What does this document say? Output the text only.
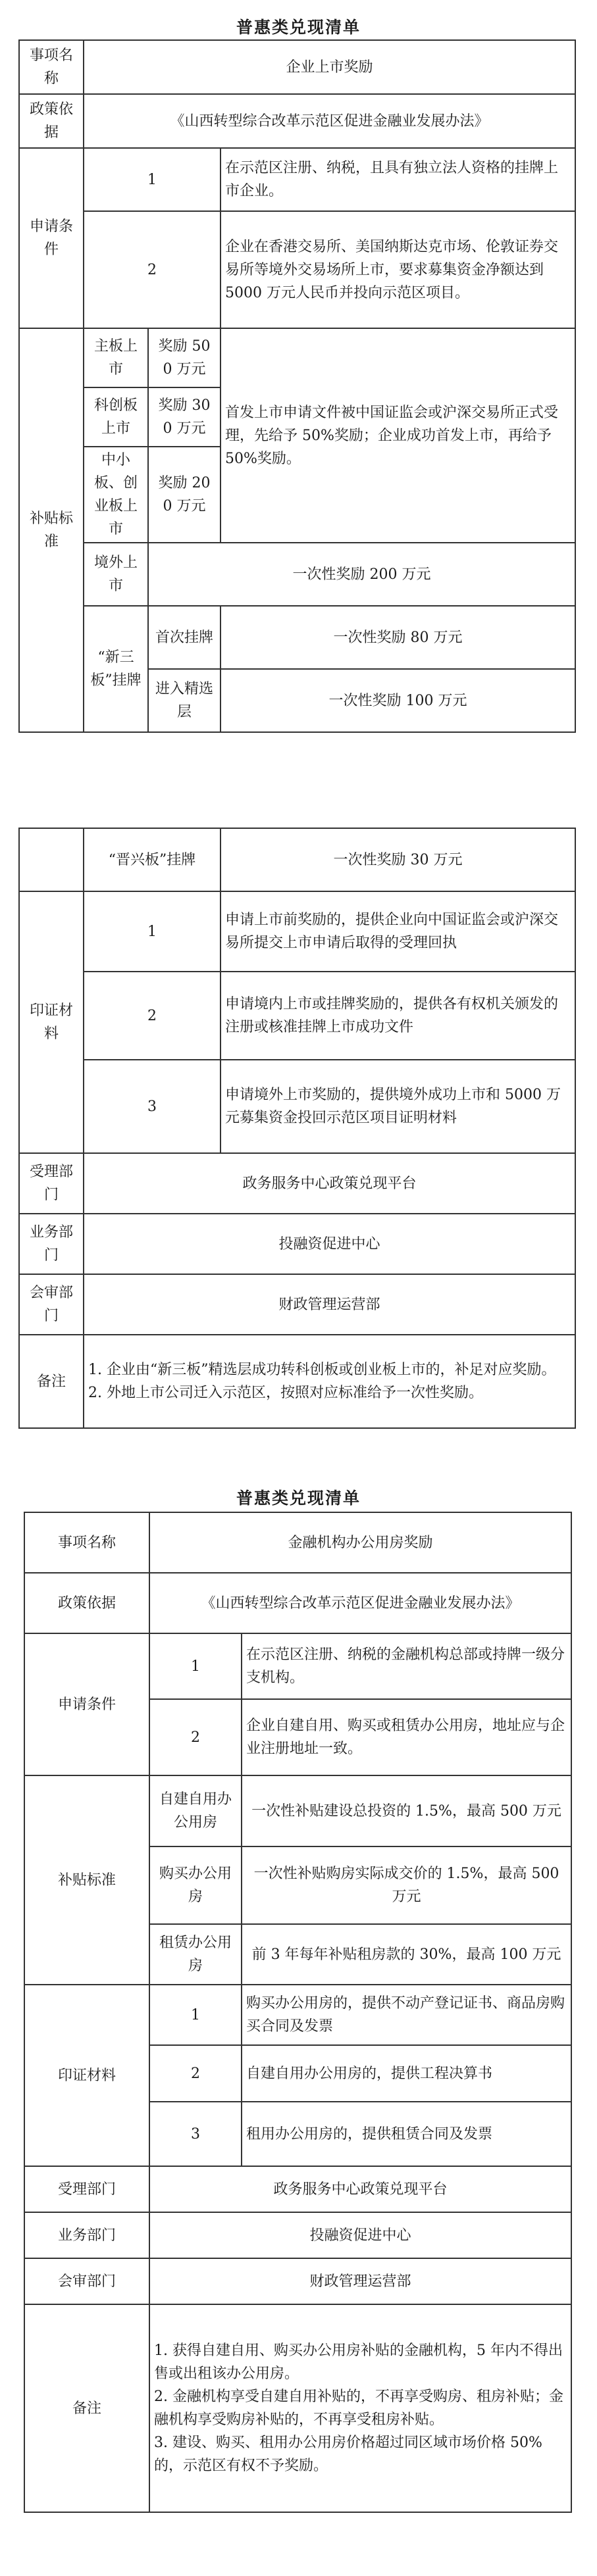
普惠类兑现清单
事项名称	企业上市奖励		
政策依据	《山西转型综合改革示范区促进金融业发展办法》		
申请条件	1		在示范区注册、纳税，且具有独立法人资格的挂牌上市企业。
	2		企业在香港交易所、美国纳斯达克市场、伦敦证券交易所等境外交易场所上市，要求募集资金净额达到 5000 万元人民币并投向示范区项目。
补贴标准	主板上市	奖励 50 0 万元	首发上市申请文件被中国证监会或沪深交易所正式受理，先给予 50%奖励；企业成功首发上市，再给予 50%奖励。
	科创板上市	奖励 30 0 万元	
	中小板、创业板上市	奖励 20 0 万元	
	境外上市	一次性奖励 200 万元	
	“新三板”挂牌	首次挂牌	一次性奖励 80 万元
		进入精选层	一次性奖励 100 万元
	“晋兴板”挂牌	一次性奖励 30 万元
印证材料	1	申请上市前奖励的，提供企业向中国证监会或沪深交易所提交上市申请后取得的受理回执
	2	申请境内上市或挂牌奖励的，提供各有权机关颁发的注册或核准挂牌上市成功文件
	3	申请境外上市奖励的，提供境外成功上市和 5000 万元募集资金投回示范区项目证明材料
受理部门	政务服务中心政策兑现平台	
业务部门	投融资促进中心	
会审部门	财政管理运营部	
备注	1. 企业由“新三板”精选层成功转科创板或创业板上市的，补足对应奖励。
2. 外地上市公司迁入示范区，按照对应标准给予一次性奖励。	
普惠类兑现清单
事项名称	金融机构办公用房奖励	
政策依据	《山西转型综合改革示范区促进金融业发展办法》	
申请条件	1	在示范区注册、纳税的金融机构总部或持牌一级分支机构。
	2	企业自建自用、购买或租赁办公用房，地址应与企业注册地址一致。
补贴标准	自建自用办公用房	一次性补贴建设总投资的 1.5%，最高 500 万元
	购买办公用房	一次性补贴购房实际成交价的 1.5%，最高 500 万元
	租赁办公用房	前 3 年每年补贴租房款的 30%，最高 100 万元
印证材料	1	购买办公用房的，提供不动产登记证书、商品房购买合同及发票
	2	自建自用办公用房的，提供工程决算书
	3	租用办公用房的，提供租赁合同及发票
受理部门	政务服务中心政策兑现平台	
业务部门	投融资促进中心	
会审部门	财政管理运营部	
备注	1. 获得自建自用、购买办公用房补贴的金融机构，5 年内不得出售或出租该办公用房。
2. 金融机构享受自建自用补贴的，不再享受购房、租房补贴；金融机构享受购房补贴的，不再享受租房补贴。
3. 建设、购买、租用办公用房价格超过同区域市场价格 50%的，示范区有权不予奖励。	
